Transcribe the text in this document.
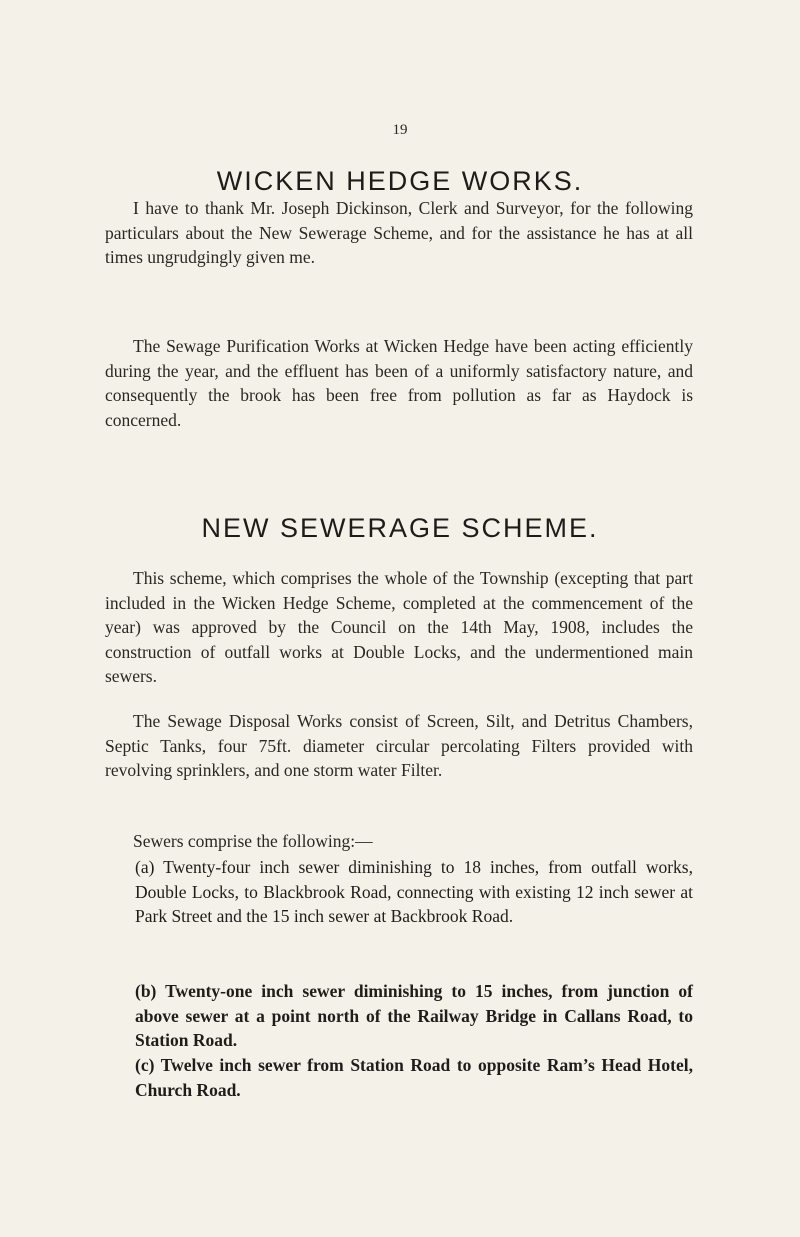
19
WICKEN HEDGE WORKS.
I have to thank Mr. Joseph Dickinson, Clerk and Surveyor, for the following particulars about the New Sewerage Scheme, and for the assistance he has at all times ungrudgingly given me.
The Sewage Purification Works at Wicken Hedge have been acting efficiently during the year, and the effluent has been of a uniformly satisfactory nature, and consequently the brook has been free from pollution as far as Haydock is concerned.
NEW SEWERAGE SCHEME.
This scheme, which comprises the whole of the Township (excepting that part included in the Wicken Hedge Scheme, completed at the commencement of the year) was approved by the Council on the 14th May, 1908, includes the construction of outfall works at Double Locks, and the undermentioned main sewers.
The Sewage Disposal Works consist of Screen, Silt, and Detritus Chambers, Septic Tanks, four 75ft. diameter circular percolating Filters provided with revolving sprinklers, and one storm water Filter.
Sewers comprise the following:—
(a) Twenty-four inch sewer diminishing to 18 inches, from outfall works, Double Locks, to Blackbrook Road, connecting with existing 12 inch sewer at Park Street and the 15 inch sewer at Backbrook Road.
(b) Twenty-one inch sewer diminishing to 15 inches, from junction of above sewer at a point north of the Railway Bridge in Callans Road, to Station Road.
(c) Twelve inch sewer from Station Road to opposite Ram’s Head Hotel, Church Road.
